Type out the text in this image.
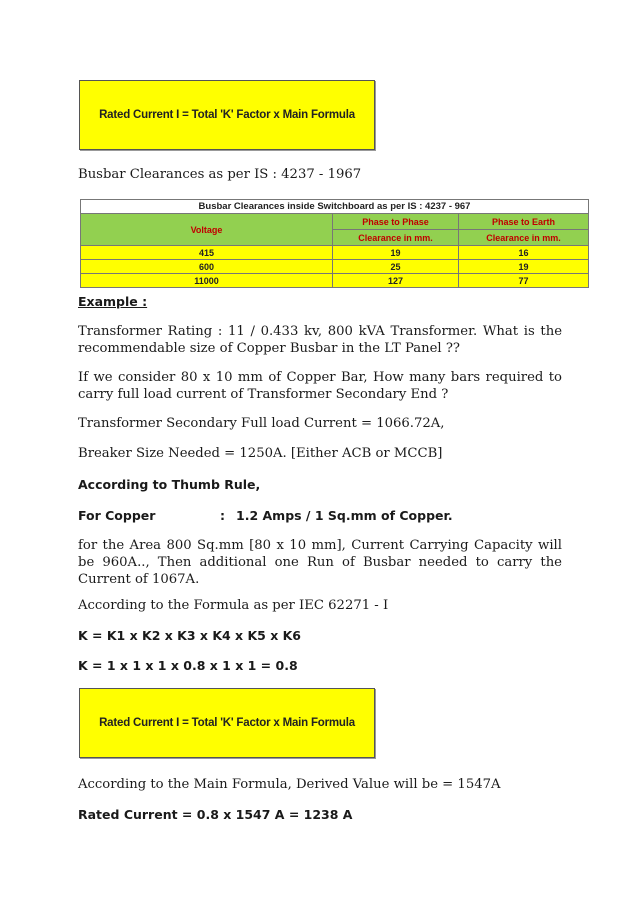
Rated Current I = Total 'K' Factor x Main Formula
Busbar Clearances as per IS : 4237 - 1967
Busbar Clearances inside Switchboard as per IS : 4237 - 967		
Voltage	Phase to Phase	Phase to Earth
	Clearance in mm.	Clearance in mm.
415	19	16
600	25	19
11000	127	77
Example :
Transformer Rating : 11 / 0.433 kv, 800 kVA Transformer. What is the recommendable size of Copper Busbar in the LT Panel ??
If we consider 80 x 10 mm of Copper Bar, How many bars required to carry full load current of Transformer Secondary End ?
Transformer Secondary Full load Current = 1066.72A,
Breaker Size Needed = 1250A. [Either ACB or MCCB]
According to Thumb Rule,
For Copper	: 1.2 Amps / 1 Sq.mm of Copper.
for the Area 800 Sq.mm [80 x 10 mm], Current Carrying Capacity will be 960A.., Then additional one Run of Busbar needed to carry the Current of 1067A.
According to the Formula as per IEC 62271 - I
K = K1 x K2 x K3 x K4 x K5 x K6
K = 1 x 1 x 1 x 0.8 x 1 x 1 = 0.8
Rated Current I = Total 'K' Factor x Main Formula
According to the Main Formula, Derived Value will be = 1547A
Rated Current = 0.8 x 1547 A = 1238 A
